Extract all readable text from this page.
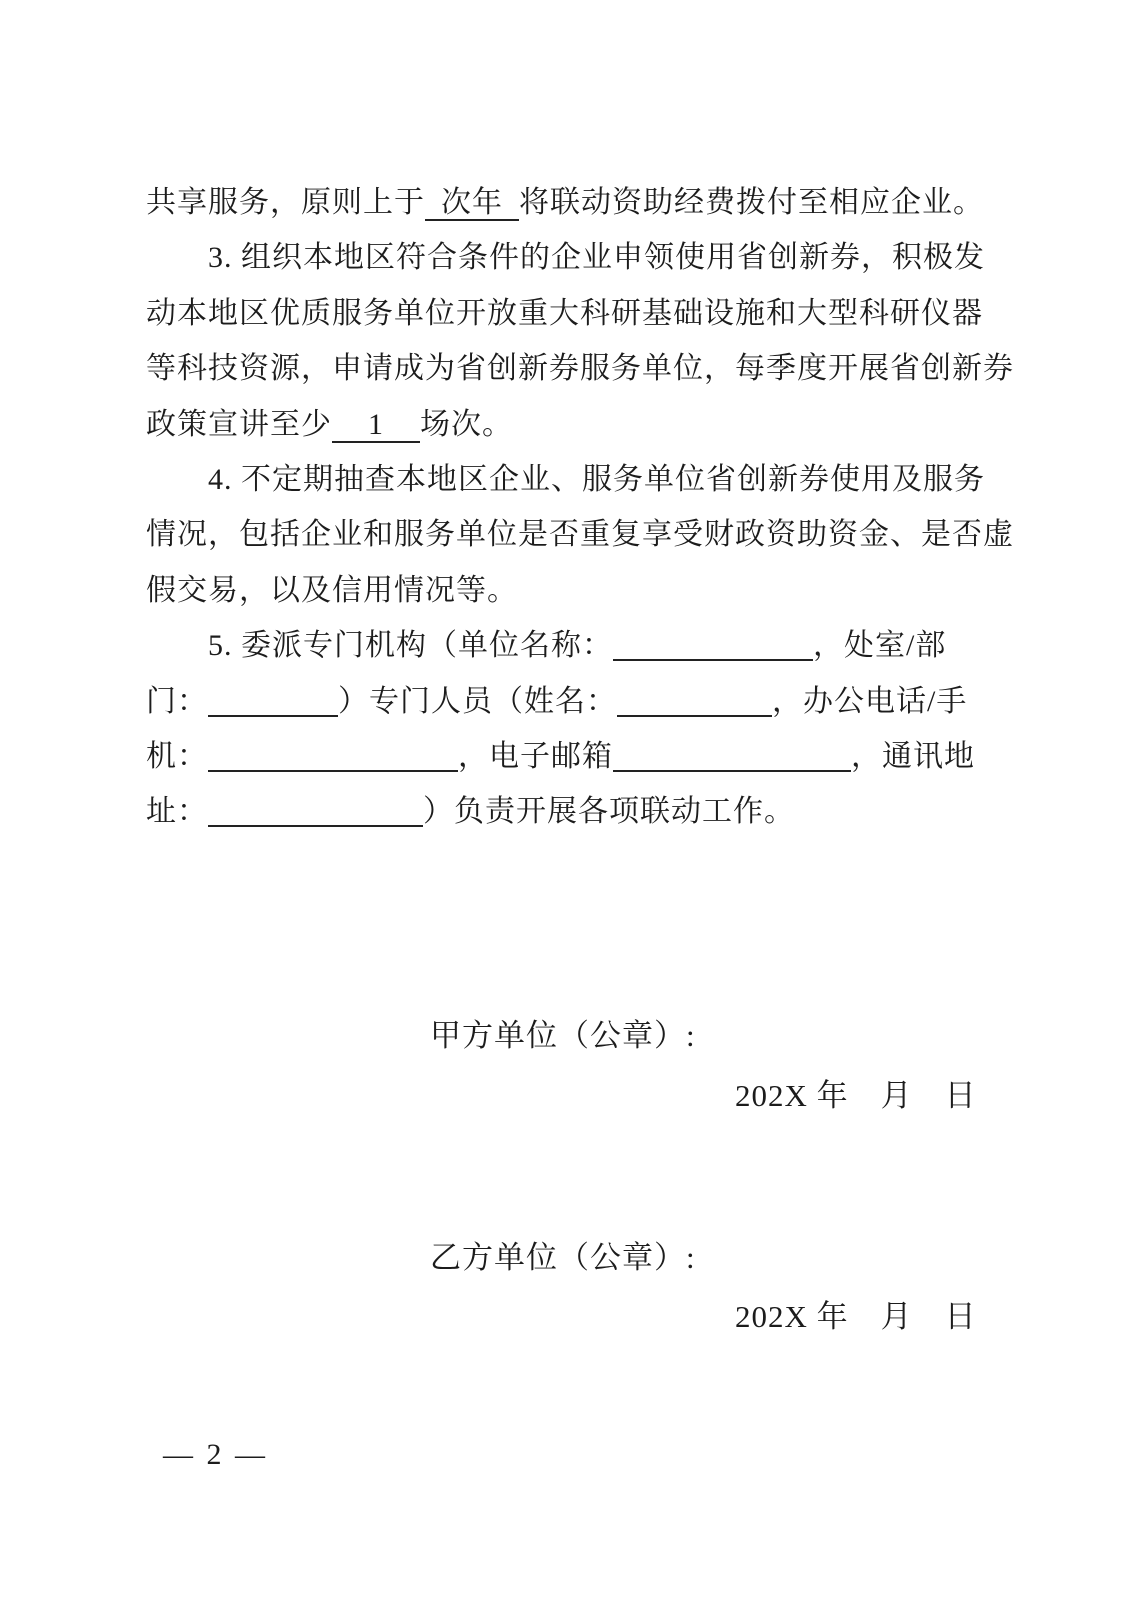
共享服务，原则上于 次年 将联动资助经费拨付至相应企业。

3. 组织本地区符合条件的企业申领使用省创新券，积极发

动本地区优质服务单位开放重大科研基础设施和大型科研仪器

等科技资源，申请成为省创新券服务单位，每季度开展省创新券

政策宣讲至少 1 场次。

4. 不定期抽查本地区企业、服务单位省创新券使用及服务

情况，包括企业和服务单位是否重复享受财政资助资金、是否虚

假交易，以及信用情况等。

5. 委派专门机构（单位名称：	，处室/部

门：	）专门人员（姓名：	，办公电话/手

机：	，电子邮箱	，通讯地

址：	）负责开展各项联动工作。

甲方单位（公章）:
202X 年　月　日
乙方单位（公章）:
202X 年　月　日
— 2 —
